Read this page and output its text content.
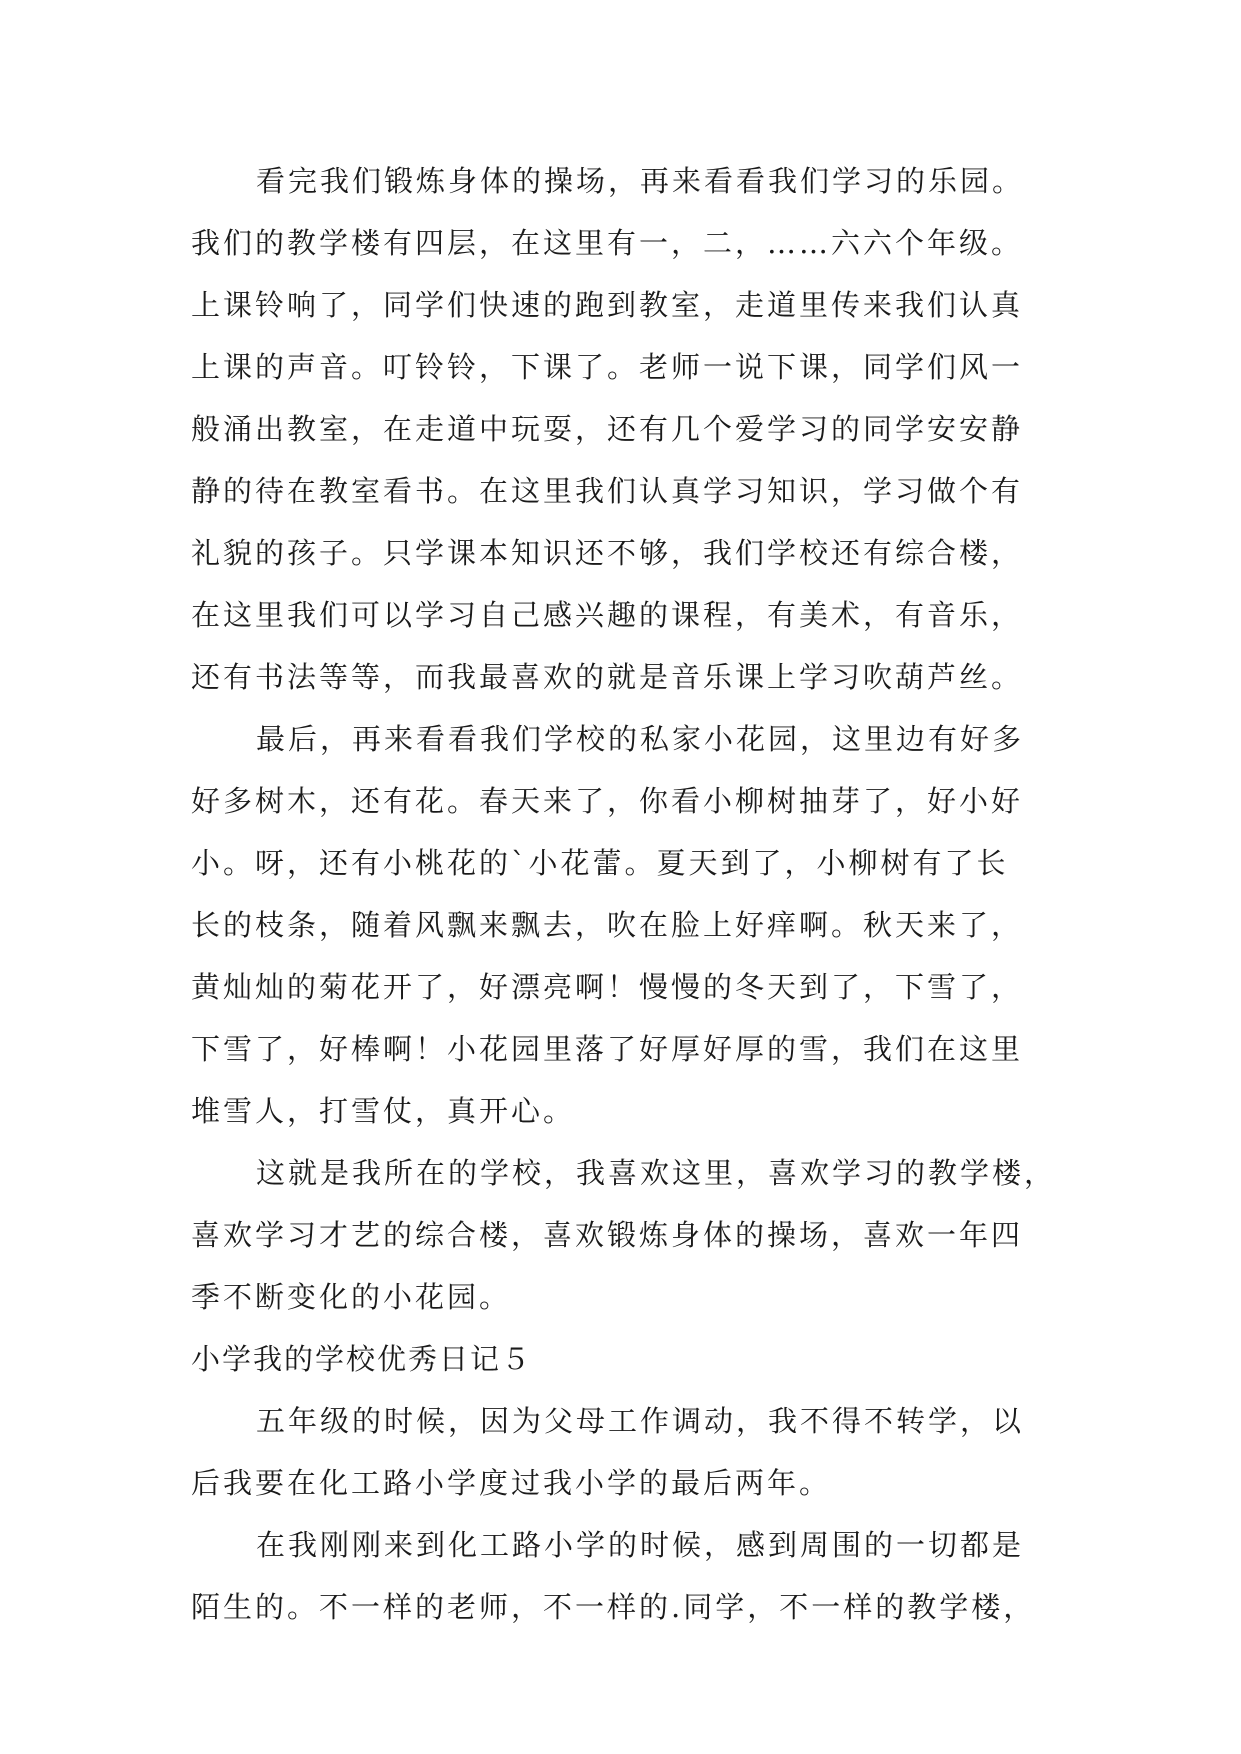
看完我们锻炼身体的操场，再来看看我们学习的乐园。

我们的教学楼有四层，在这里有一，二，……六六个年级。

上课铃响了，同学们快速的跑到教室，走道里传来我们认真

上课的声音。叮铃铃，下课了。老师一说下课，同学们风一

般涌出教室，在走道中玩耍，还有几个爱学习的同学安安静

静的待在教室看书。在这里我们认真学习知识，学习做个有

礼貌的孩子。只学课本知识还不够，我们学校还有综合楼，

在这里我们可以学习自己感兴趣的课程，有美术，有音乐，

还有书法等等，而我最喜欢的就是音乐课上学习吹葫芦丝。

最后，再来看看我们学校的私家小花园，这里边有好多

好多树木，还有花。春天来了，你看小柳树抽芽了，好小好

小。呀，还有小桃花的`小花蕾。夏天到了，小柳树有了长

长的枝条，随着风飘来飘去，吹在脸上好痒啊。秋天来了，

黄灿灿的菊花开了，好漂亮啊！慢慢的冬天到了，下雪了，

下雪了，好棒啊！小花园里落了好厚好厚的雪，我们在这里

堆雪人，打雪仗，真开心。

这就是我所在的学校，我喜欢这里，喜欢学习的教学楼，

喜欢学习才艺的综合楼，喜欢锻炼身体的操场，喜欢一年四

季不断变化的小花园。

小学我的学校优秀日记５

五年级的时候，因为父母工作调动，我不得不转学，以

后我要在化工路小学度过我小学的最后两年。

在我刚刚来到化工路小学的时候，感到周围的一切都是

陌生的。不一样的老师，不一样的.同学，不一样的教学楼，
